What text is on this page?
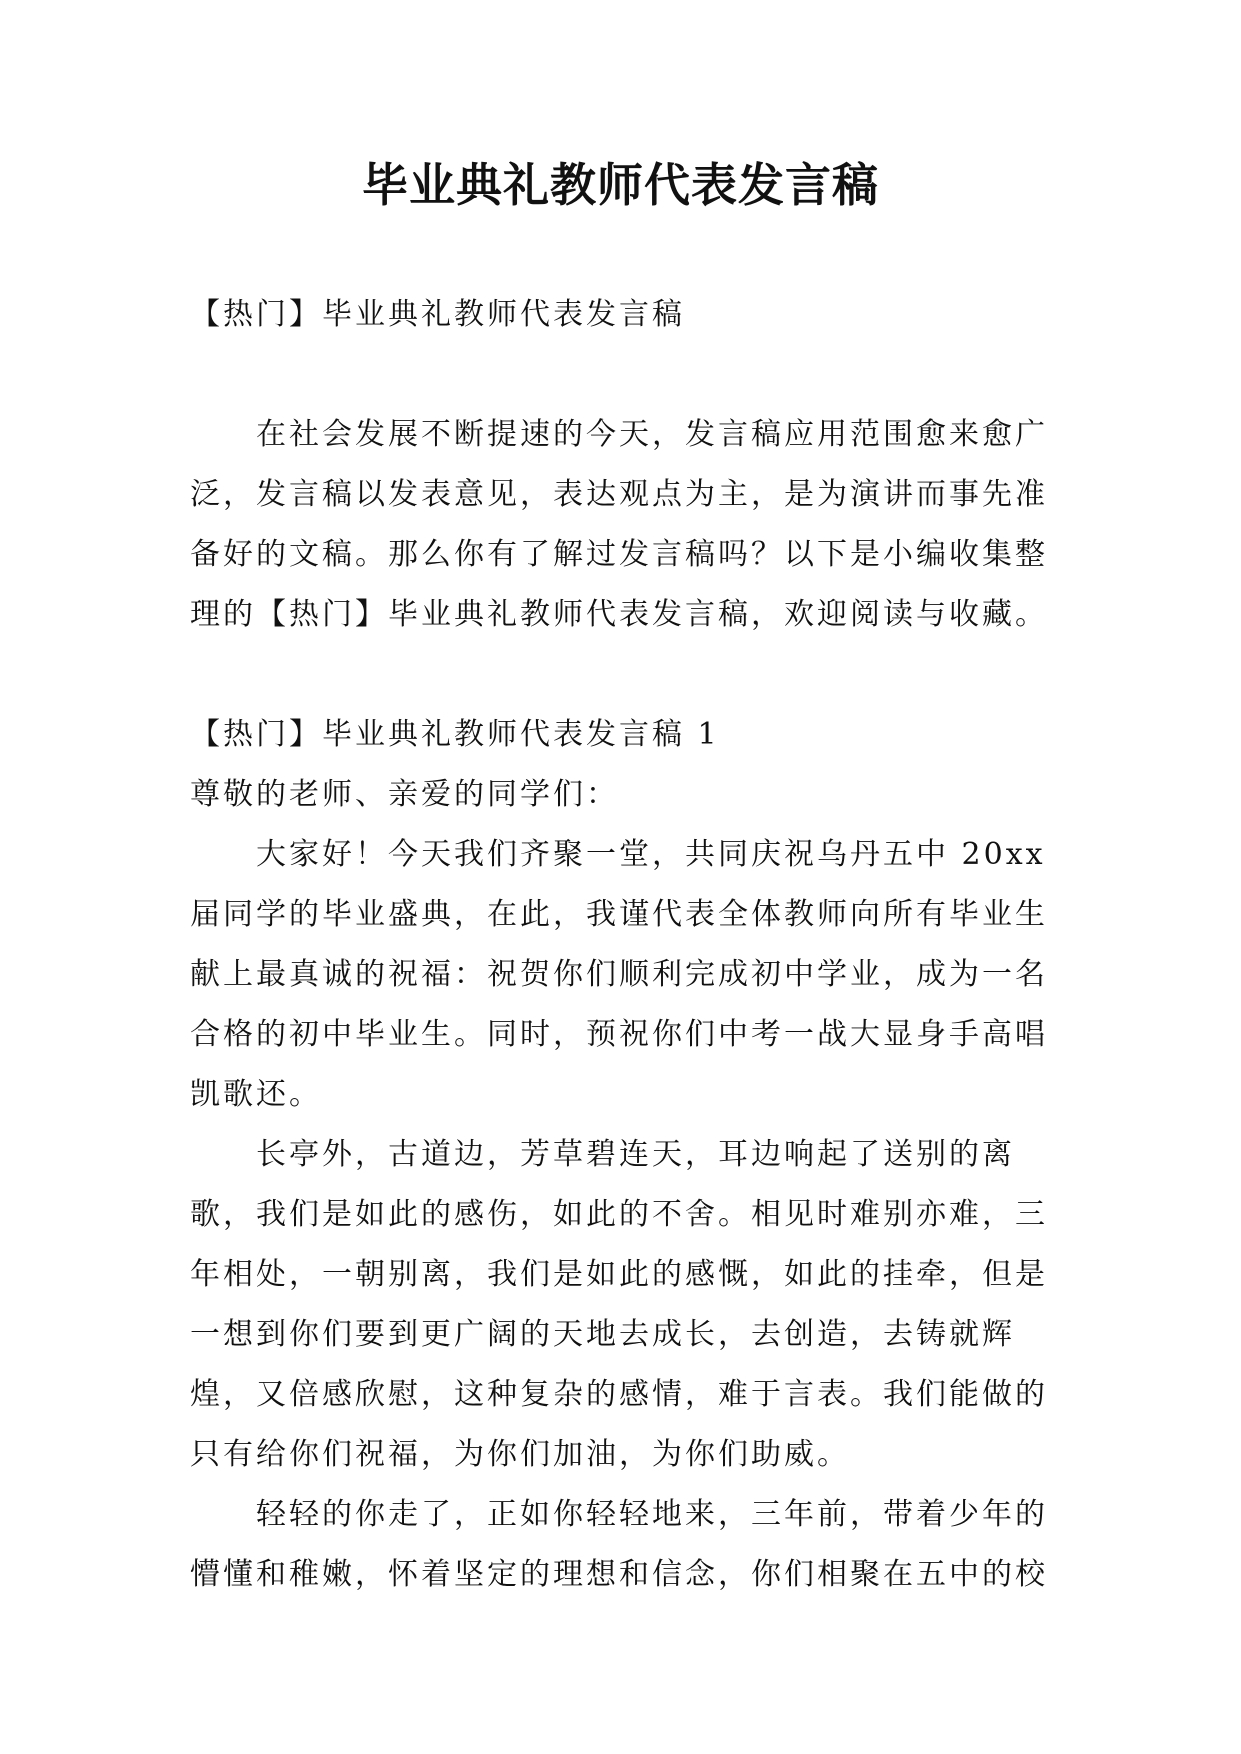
毕业典礼教师代表发言稿

【热门】毕业典礼教师代表发言稿

在社会发展不断提速的今天，发言稿应用范围愈来愈广泛，发言稿以发表意见，表达观点为主，是为演讲而事先准备好的文稿。那么你有了解过发言稿吗？以下是小编收集整理的【热门】毕业典礼教师代表发言稿，欢迎阅读与收藏。

【热门】毕业典礼教师代表发言稿 1

尊敬的老师、亲爱的同学们：

大家好！今天我们齐聚一堂，共同庆祝乌丹五中 20xx 届同学的毕业盛典，在此，我谨代表全体教师向所有毕业生献上最真诚的祝福：祝贺你们顺利完成初中学业，成为一名合格的初中毕业生。同时，预祝你们中考一战大显身手高唱凯歌还。

长亭外，古道边，芳草碧连天，耳边响起了送别的离歌，我们是如此的感伤，如此的不舍。相见时难别亦难，三年相处，一朝别离，我们是如此的感慨，如此的挂牵，但是一想到你们要到更广阔的天地去成长，去创造，去铸就辉煌，又倍感欣慰，这种复杂的感情，难于言表。我们能做的只有给你们祝福，为你们加油，为你们助威。

轻轻的你走了，正如你轻轻地来，三年前，带着少年的懵懂和稚嫩，怀着坚定的理想和信念，你们相聚在五中的校
